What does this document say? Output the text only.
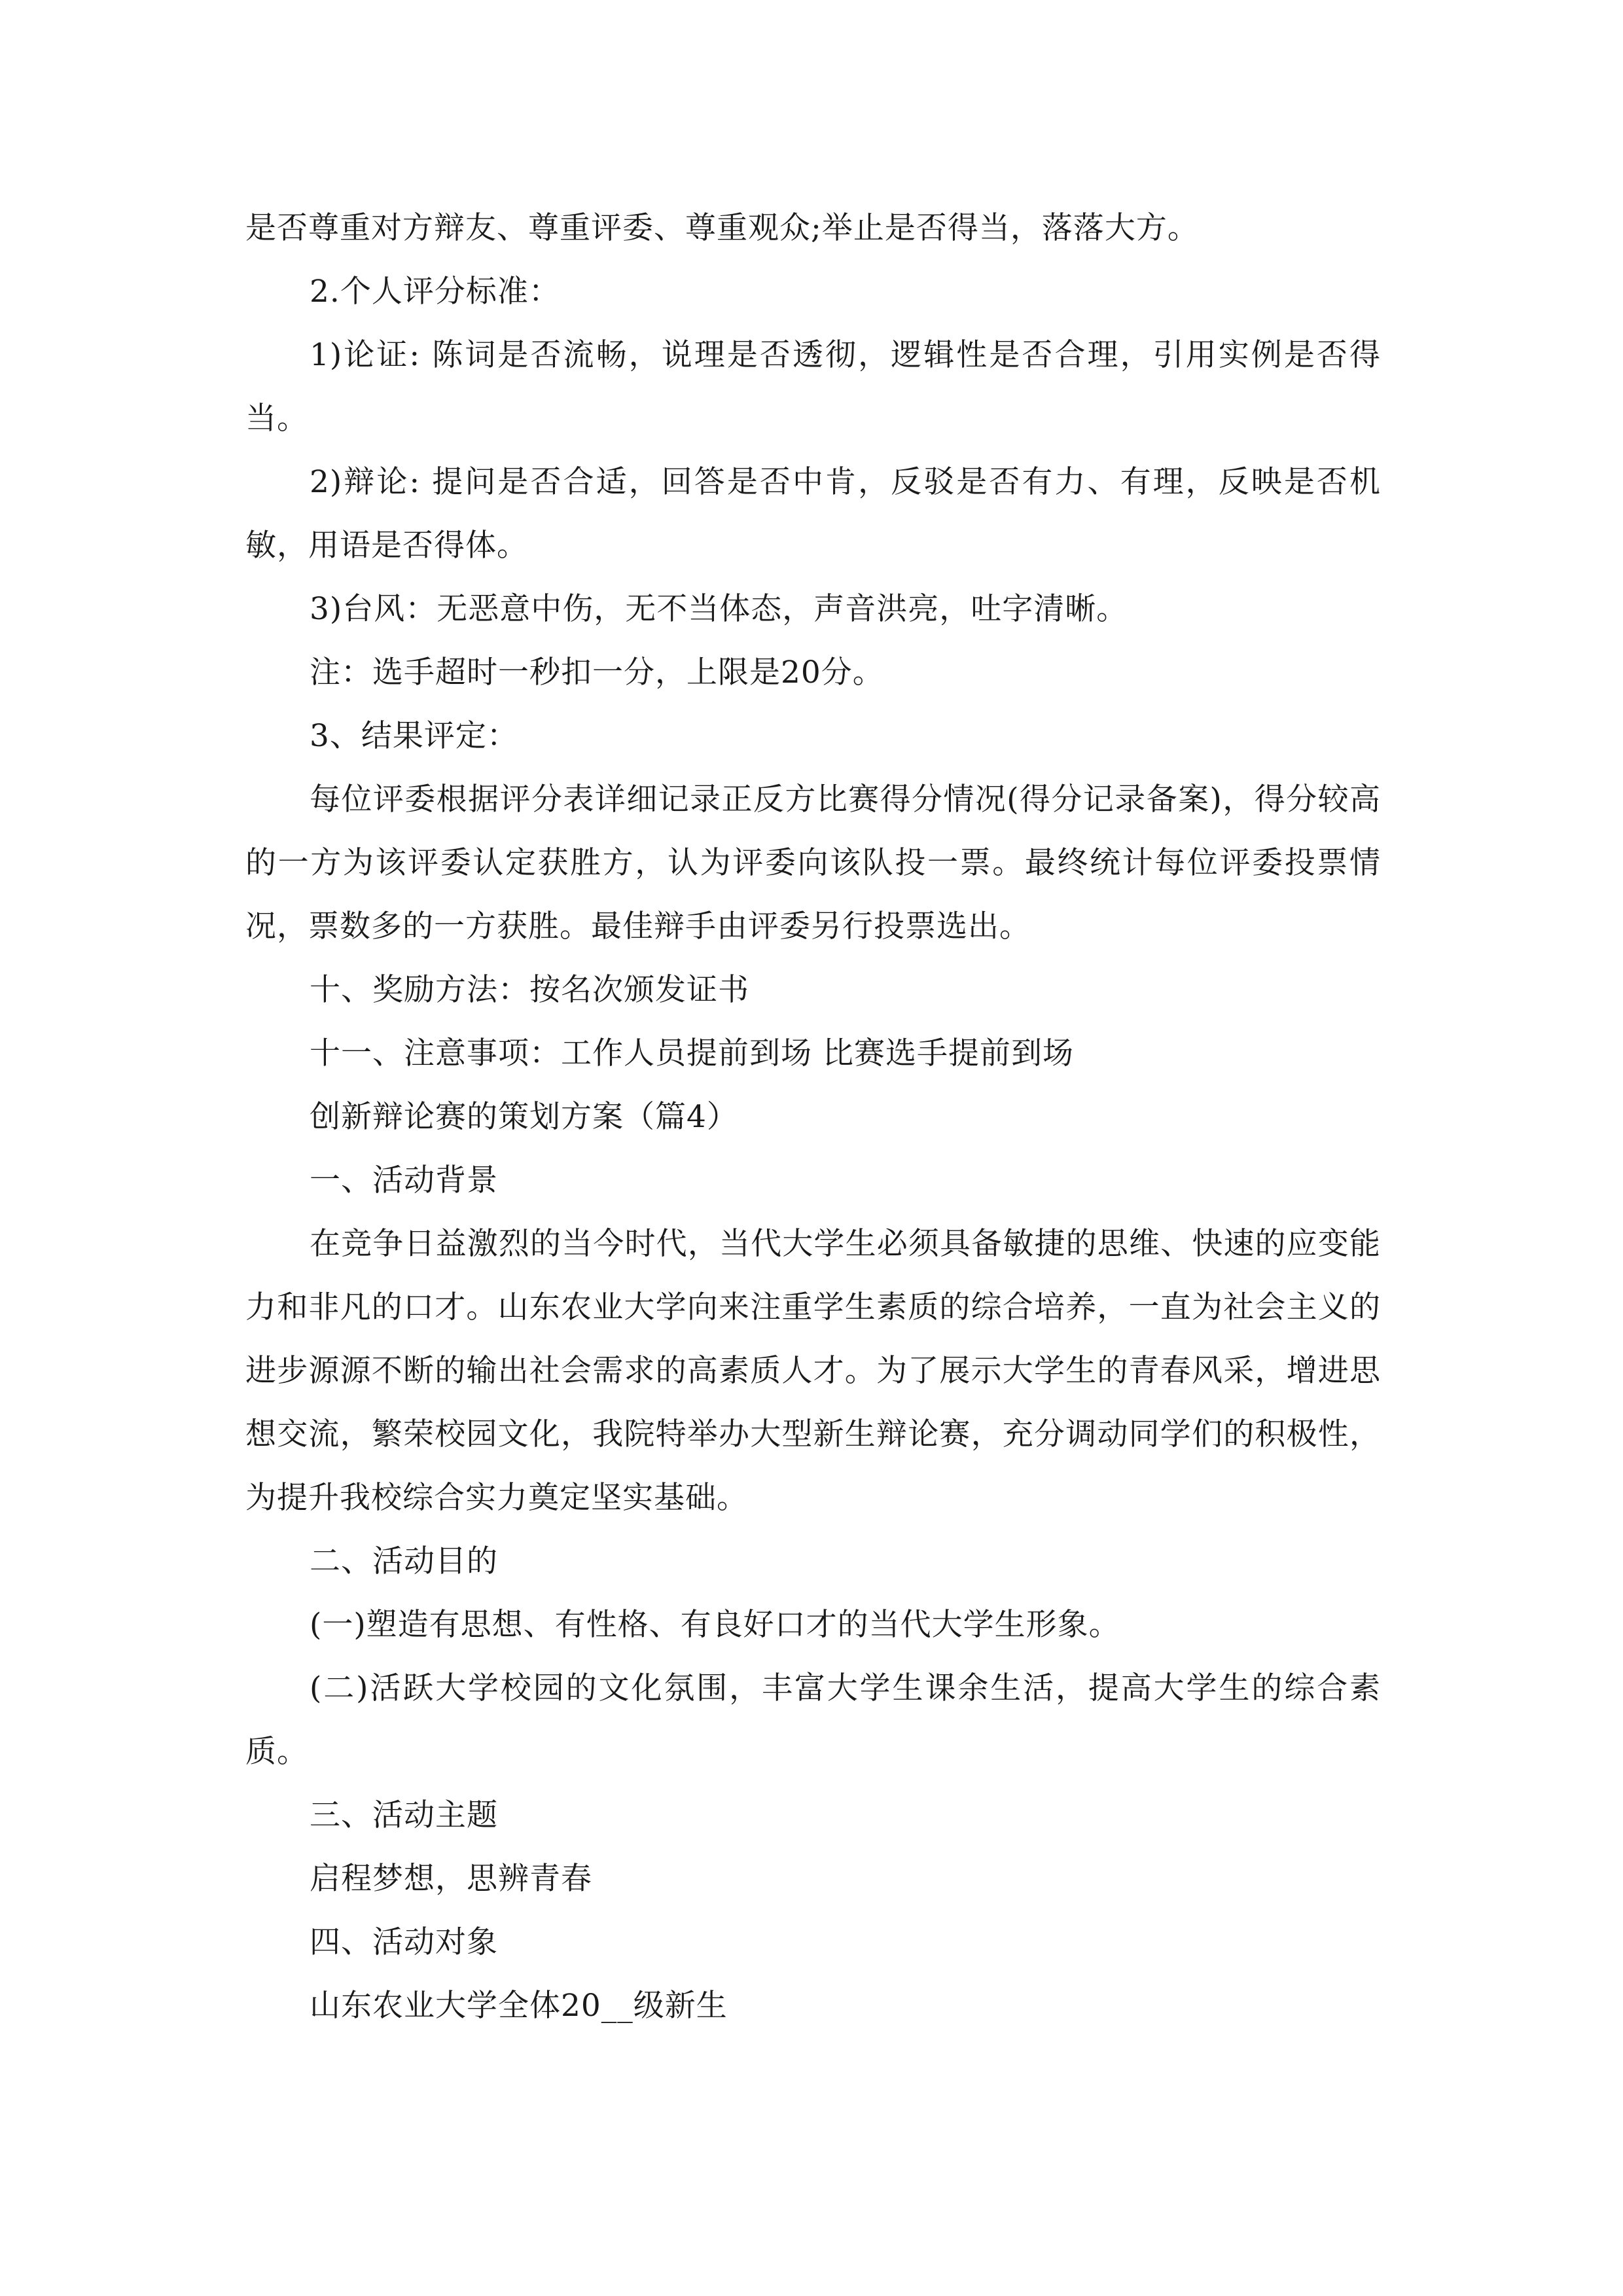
是否尊重对方辩友、尊重评委、尊重观众;举止是否得当，落落大方。

2.个人评分标准：

1)论证: 陈词是否流畅，说理是否透彻，逻辑性是否合理，引用实例是否得当。

2)辩论: 提问是否合适，回答是否中肯，反驳是否有力、有理，反映是否机敏，用语是否得体。

3)台风：无恶意中伤，无不当体态，声音洪亮，吐字清晰。

注：选手超时一秒扣一分，上限是20分。

3、结果评定：

每位评委根据评分表详细记录正反方比赛得分情况(得分记录备案)，得分较高的一方为该评委认定获胜方，认为评委向该队投一票。最终统计每位评委投票情况，票数多的一方获胜。最佳辩手由评委另行投票选出。

十、奖励方法：按名次颁发证书

十一、注意事项：工作人员提前到场 比赛选手提前到场

创新辩论赛的策划方案（篇4）

一、活动背景

在竞争日益激烈的当今时代，当代大学生必须具备敏捷的思维、快速的应变能力和非凡的口才。山东农业大学向来注重学生素质的综合培养，一直为社会主义的进步源源不断的输出社会需求的高素质人才。为了展示大学生的青春风采，增进思想交流，繁荣校园文化，我院特举办大型新生辩论赛，充分调动同学们的积极性，为提升我校综合实力奠定坚实基础。

二、活动目的

(一)塑造有思想、有性格、有良好口才的当代大学生形象。

(二)活跃大学校园的文化氛围，丰富大学生课余生活，提高大学生的综合素质。

三、活动主题

启程梦想，思辨青春

四、活动对象

山东农业大学全体20__级新生
